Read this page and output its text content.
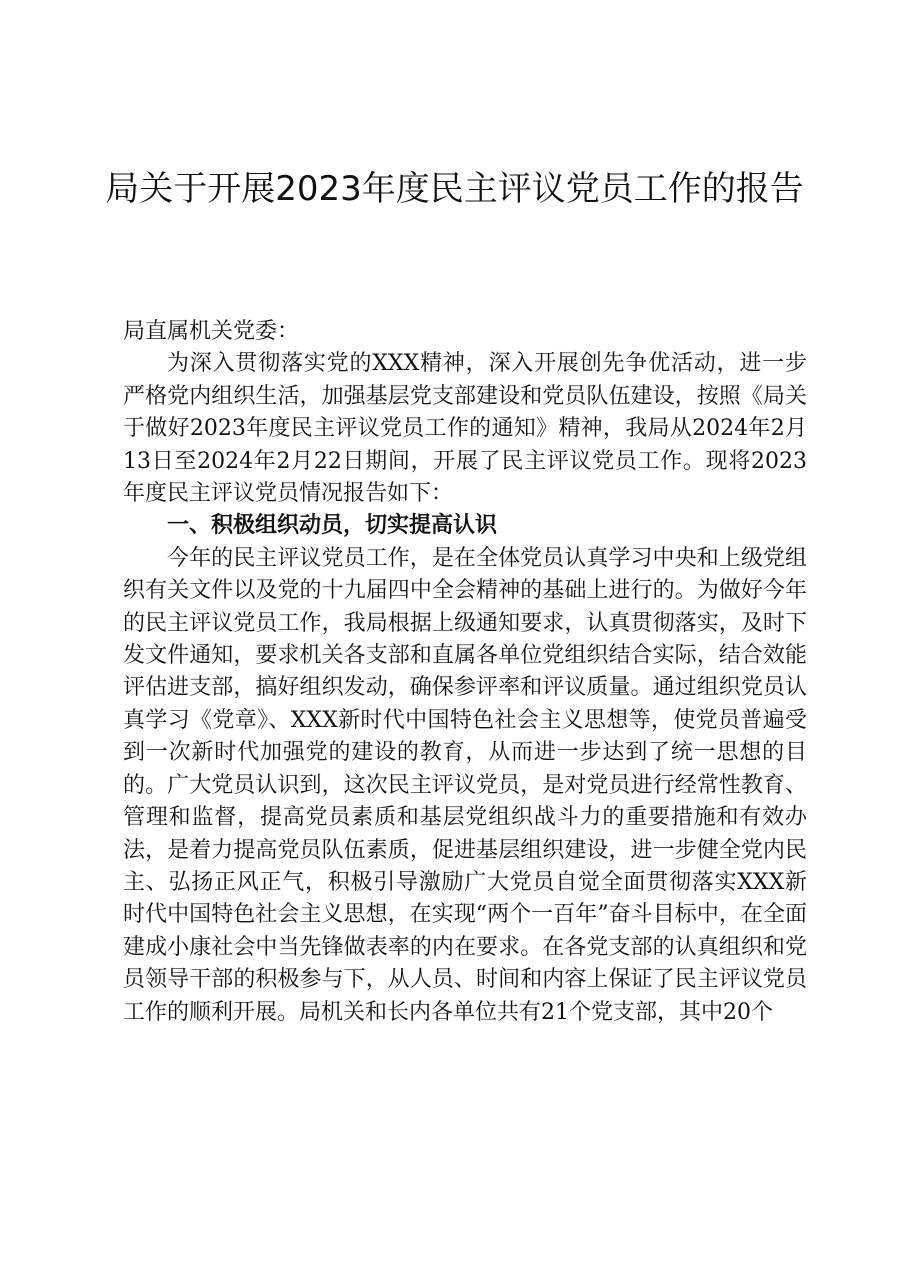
局关于开展2023年度民主评议党员工作的报告

局直属机关党委：

为深入贯彻落实党的XXX精神，深入开展创先争优活动，进一步严格党内组织生活，加强基层党支部建设和党员队伍建设，按照《局关于做好2023年度民主评议党员工作的通知》精神，我局从2024年2月13日至2024年2月22日期间，开展了民主评议党员工作。现将2023年度民主评议党员情况报告如下：

一、积极组织动员，切实提高认识

今年的民主评议党员工作，是在全体党员认真学习中央和上级党组织有关文件以及党的十九届四中全会精神的基础上进行的。为做好今年的民主评议党员工作，我局根据上级通知要求，认真贯彻落实，及时下发文件通知，要求机关各支部和直属各单位党组织结合实际，结合效能评估进支部，搞好组织发动，确保参评率和评议质量。通过组织党员认真学习《党章》、XXX新时代中国特色社会主义思想等，使党员普遍受到一次新时代加强党的建设的教育，从而进一步达到了统一思想的目的。广大党员认识到，这次民主评议党员，是对党员进行经常性教育、管理和监督，提高党员素质和基层党组织战斗力的重要措施和有效办法，是着力提高党员队伍素质，促进基层组织建设，进一步健全党内民主、弘扬正风正气，积极引导激励广大党员自觉全面贯彻落实XXX新时代中国特色社会主义思想，在实现“两个一百年”奋斗目标中，在全面建成小康社会中当先锋做表率的内在要求。在各党支部的认真组织和党员领导干部的积极参与下，从人员、时间和内容上保证了民主评议党员工作的顺利开展。局机关和长内各单位共有21个党支部，其中20个
